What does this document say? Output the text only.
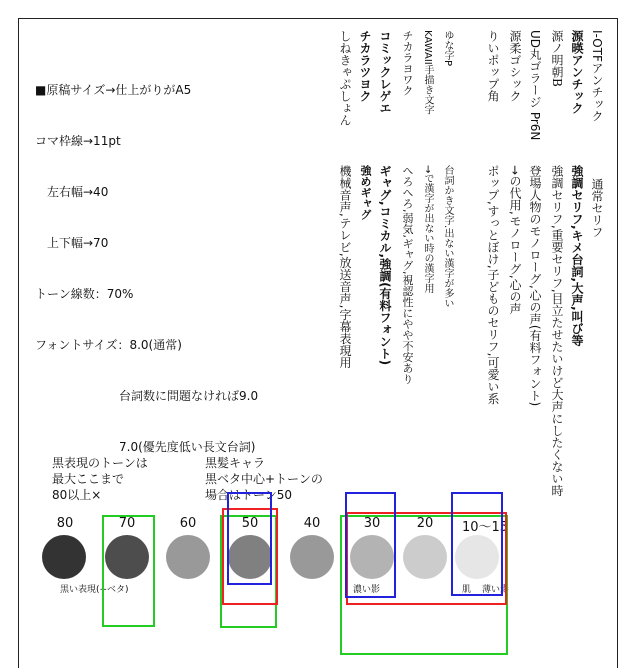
■原稿サイズ→仕上がりがA5

コマ枠線→11pt

　左右幅→40

　上下幅→70

トーン線数：70%

フォントサイズ：8.0(通常)

　　　　　　　台詞数に問題なければ9.0

　　　　　　　7.0(優先度低い長文台詞)

I-OTFアンチック
通常セリフ
源暎アンチック
強調セリフ,キメ台詞,大声,叫び等
源ノ明朝B
強調セリフ,重要セリフ,目立たせたいけど大声にしたくない時
UD丸ゴラージ Pr6N
登場人物のモノローグ,心の声(有料フォント)
源柔ゴシック
→の代用,モノローグ,心の声
りいポップ角
ポップ,すっとぼけ,子どものセリフ,可愛い系
ゆな字P
台詞かき文字.出ない漢字が多い
KAWAII手描き文字
→で漢字が出ない時の漢字用
チカラヨワク
へろへろ,弱気,ギャグ,視認性にやや不安あり
コミックレゲエ
ギャグ,コミカル,強調(有料フォント)
チカラツヨク
強めギャグ
しねきゃぷしょん
機械音声,テレビ,放送音声,字幕表現用
黒表現のトーンは
最大ここまで
80以上×
黒髪キャラ
黒ベタ中心+トーンの
場合はトーン50
80	70	60	50	40	30	20	10〜15
黒い表現(+ベタ)	濃い影	肌 薄い影
